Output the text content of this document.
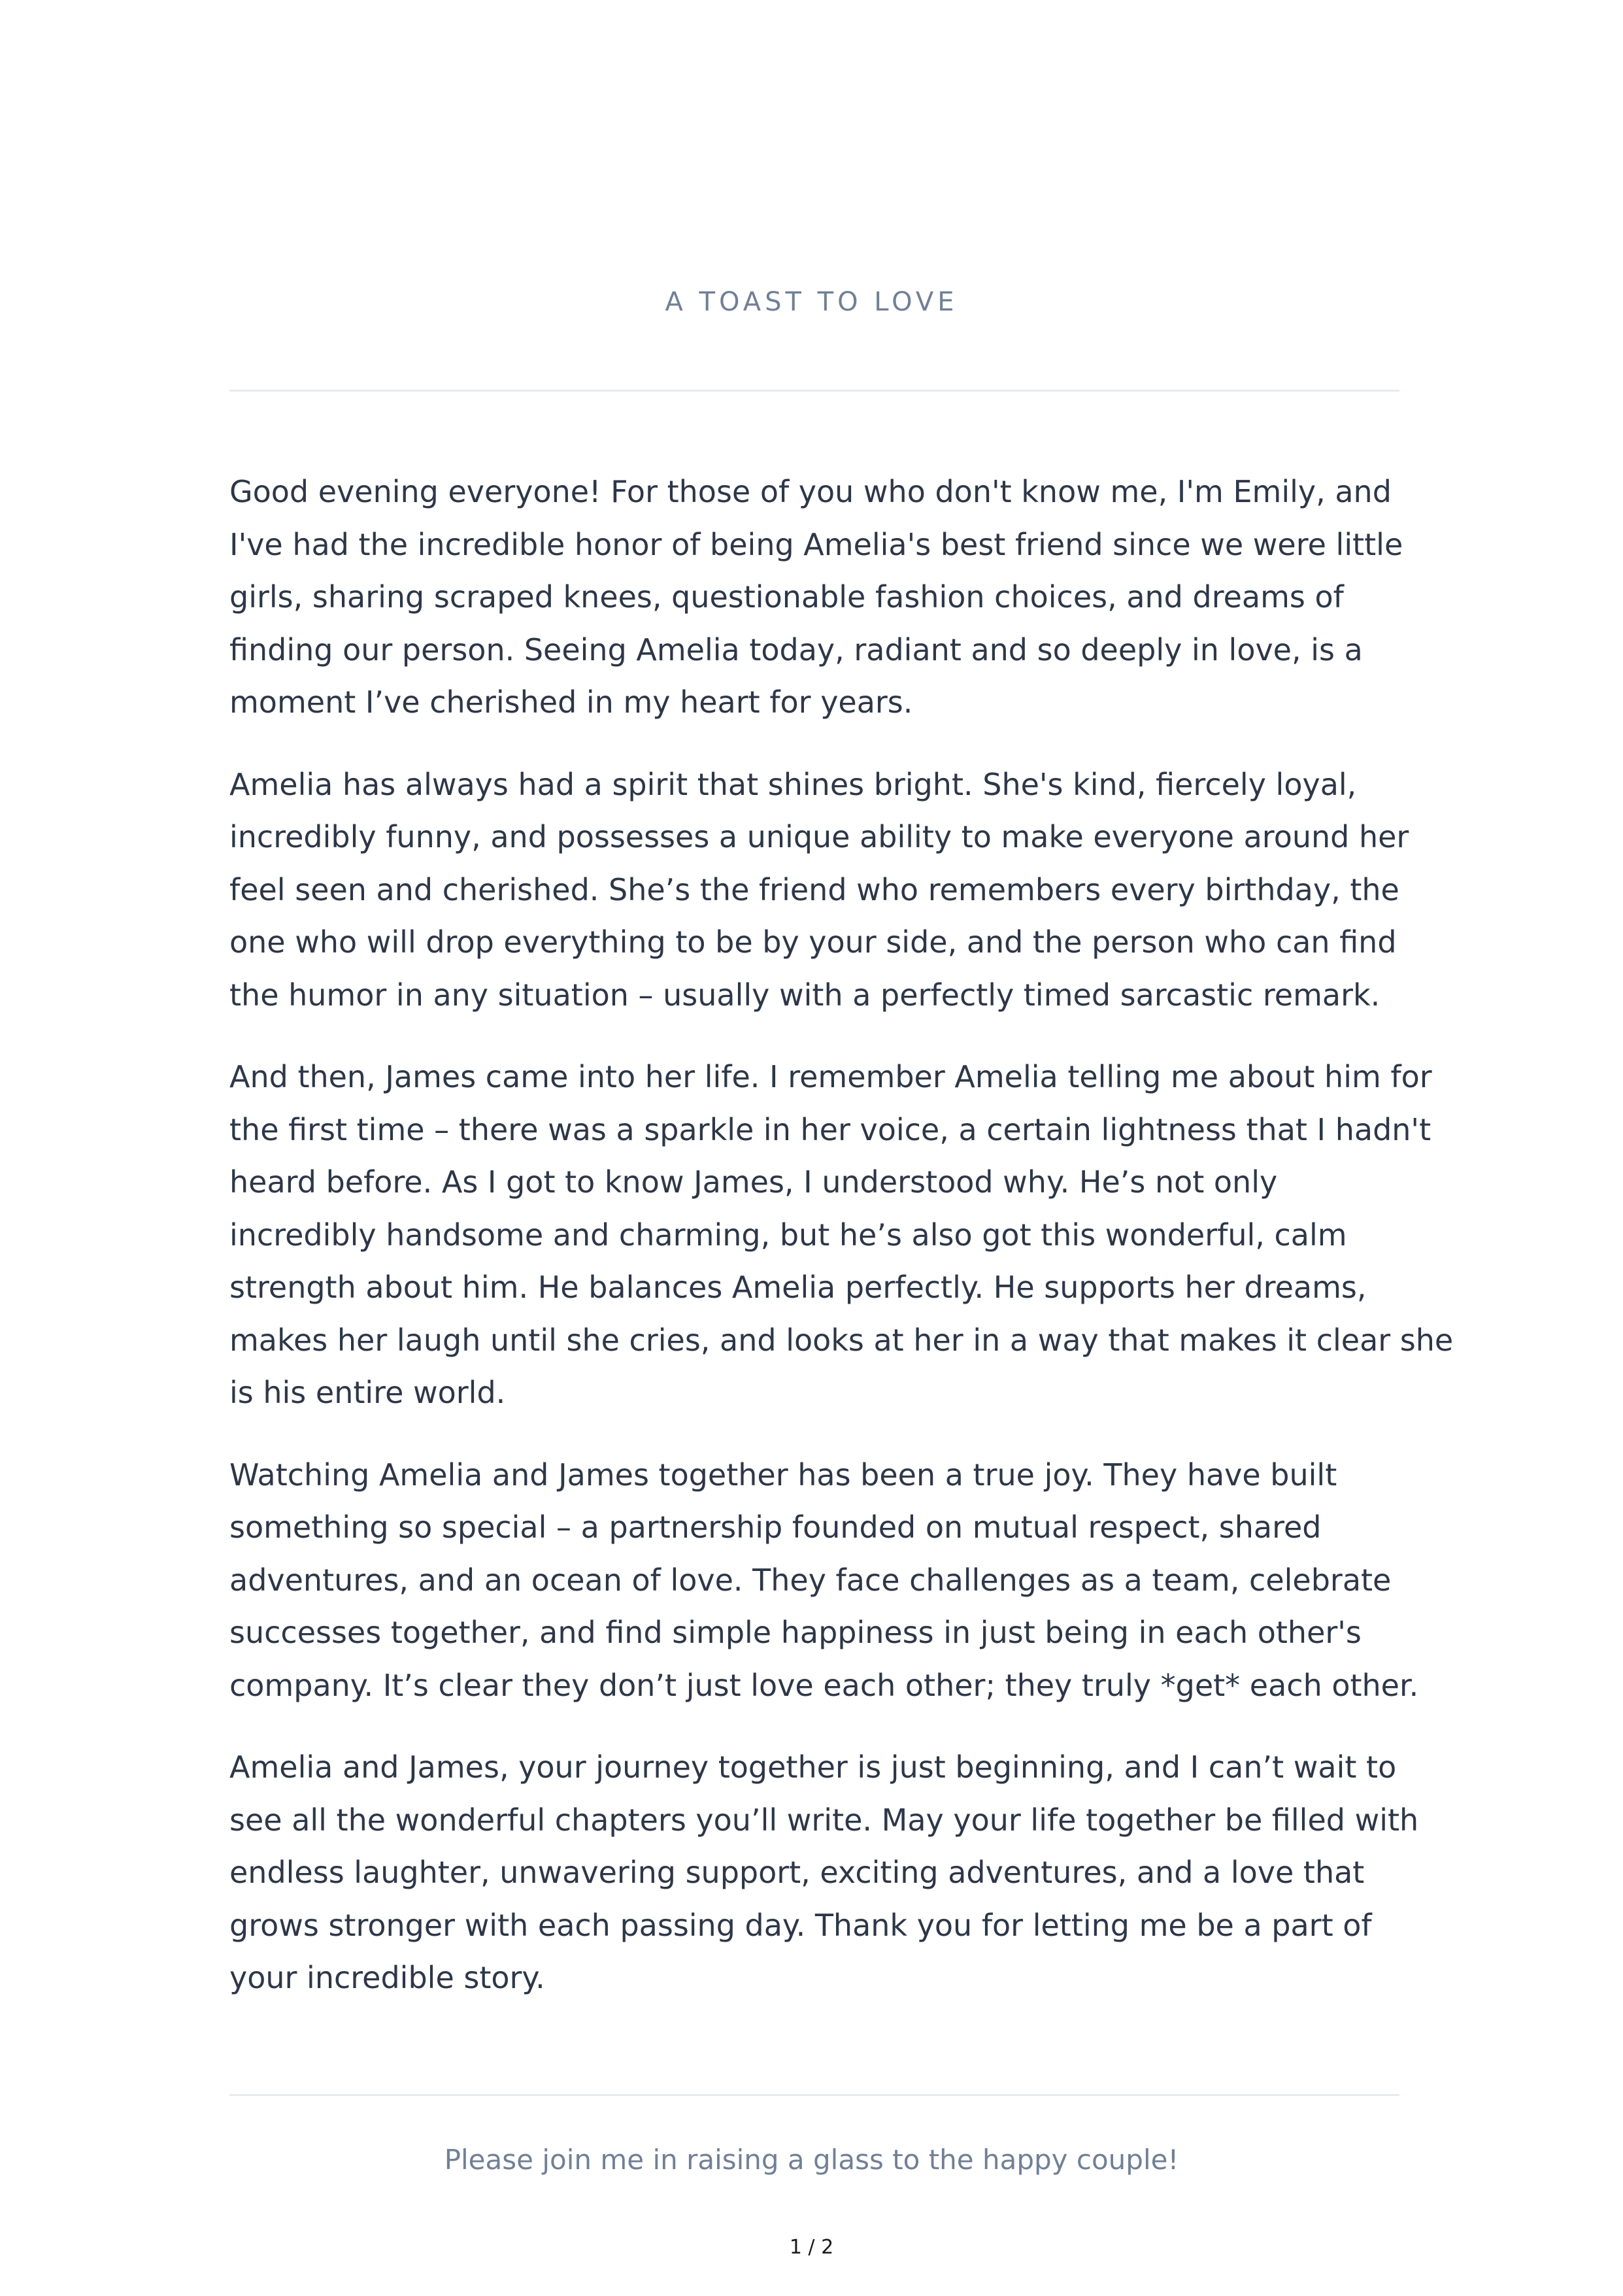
A TOAST TO LOVE

Good evening everyone! For those of you who don't know me, I'm Emily, and
I've had the incredible honor of being Amelia's best friend since we were little
girls, sharing scraped knees, questionable fashion choices, and dreams of
finding our person. Seeing Amelia today, radiant and so deeply in love, is a
moment I’ve cherished in my heart for years.

Amelia has always had a spirit that shines bright. She's kind, fiercely loyal,
incredibly funny, and possesses a unique ability to make everyone around her
feel seen and cherished. She’s the friend who remembers every birthday, the
one who will drop everything to be by your side, and the person who can find
the humor in any situation – usually with a perfectly timed sarcastic remark.

And then, James came into her life. I remember Amelia telling me about him for
the first time – there was a sparkle in her voice, a certain lightness that I hadn't
heard before. As I got to know James, I understood why. He’s not only
incredibly handsome and charming, but he’s also got this wonderful, calm
strength about him. He balances Amelia perfectly. He supports her dreams,
makes her laugh until she cries, and looks at her in a way that makes it clear she
is his entire world.

Watching Amelia and James together has been a true joy. They have built
something so special – a partnership founded on mutual respect, shared
adventures, and an ocean of love. They face challenges as a team, celebrate
successes together, and find simple happiness in just being in each other's
company. It’s clear they don’t just love each other; they truly *get* each other.

Amelia and James, your journey together is just beginning, and I can’t wait to
see all the wonderful chapters you’ll write. May your life together be filled with
endless laughter, unwavering support, exciting adventures, and a love that
grows stronger with each passing day. Thank you for letting me be a part of
your incredible story.

Please join me in raising a glass to the happy couple!
1 / 2
